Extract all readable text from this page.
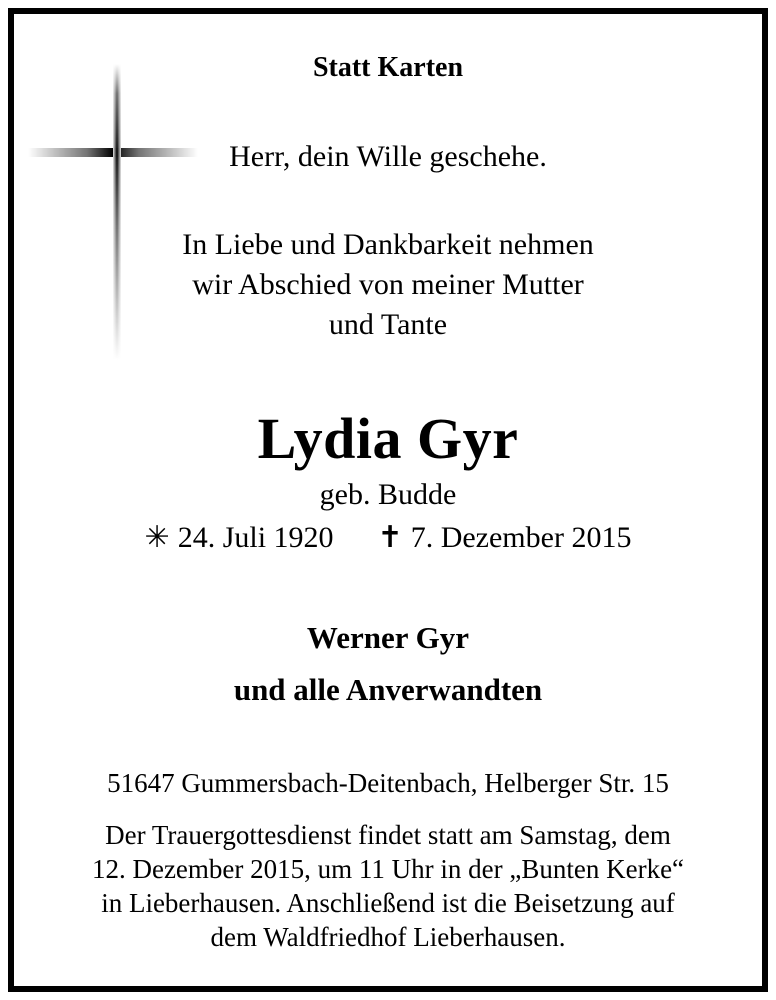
Statt Karten
Herr, dein Wille geschehe.
In Liebe und Dankbarkeit nehmen
wir Abschied von meiner Mutter
und Tante
Lydia Gyr
geb. Budde
✳ 24. Juli 1920 ✝ 7. Dezember 2015
Werner Gyr
und alle Anverwandten
51647 Gummersbach-Deitenbach, Helberger Str. 15
Der Trauergottesdienst findet statt am Samstag, dem
12. Dezember 2015, um 11 Uhr in der „Bunten Kerke“
in Lieberhausen. Anschließend ist die Beisetzung auf
dem Waldfriedhof Lieberhausen.
